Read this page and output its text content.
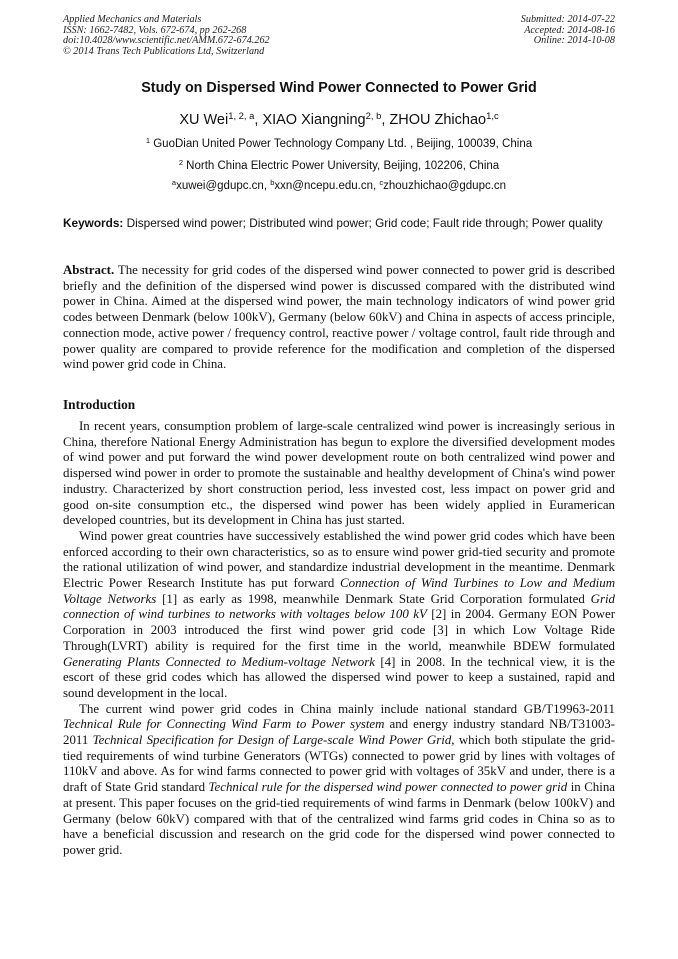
Applied Mechanics and Materials
ISSN: 1662-7482, Vols. 672-674, pp 262-268
doi:10.4028/www.scientific.net/AMM.672-674.262
© 2014 Trans Tech Publications Ltd, Switzerland
Submitted: 2014-07-22
Accepted: 2014-08-16
Online: 2014-10-08
Study on Dispersed Wind Power Connected to Power Grid
XU Wei$^{1, 2, a}$, XIAO Xiangning$^{2, b}$, ZHOU Zhichao$^{1,c}$
$^1$ GuoDian United Power Technology Company Ltd. , Beijing, 100039, China
$^2$ North China Electric Power University, Beijing, 102206, China
$^a$xuwei@gdupc.cn, $^b$xxn@ncepu.edu.cn, $^c$zhouzhichao@gdupc.cn
Keywords: Dispersed wind power; Distributed wind power; Grid code; Fault ride through; Power quality
Abstract. The necessity for grid codes of the dispersed wind power connected to power grid is described briefly and the definition of the dispersed wind power is discussed compared with the distributed wind power in China. Aimed at the dispersed wind power, the main technology indicators of wind power grid codes between Denmark (below 100kV), Germany (below 60kV) and China in aspects of access principle, connection mode, active power / frequency control, reactive power / voltage control, fault ride through and power quality are compared to provide reference for the modification and completion of the dispersed wind power grid code in China.
Introduction

In recent years, consumption problem of large-scale centralized wind power is increasingly serious in China, therefore National Energy Administration has begun to explore the diversified development modes of wind power and put forward the wind power development route on both centralized wind power and dispersed wind power in order to promote the sustainable and healthy development of China's wind power industry. Characterized by short construction period, less invested cost, less impact on power grid and good on-site consumption etc., the dispersed wind power has been widely applied in Euramerican developed countries, but its development in China has just started.

Wind power great countries have successively established the wind power grid codes which have been enforced according to their own characteristics, so as to ensure wind power grid-tied security and promote the rational utilization of wind power, and standardize industrial development in the meantime. Denmark Electric Power Research Institute has put forward Connection of Wind Turbines to Low and Medium Voltage Networks [1] as early as 1998, meanwhile Denmark State Grid Corporation formulated Grid connection of wind turbines to networks with voltages below 100 kV [2] in 2004. Germany EON Power Corporation in 2003 introduced the first wind power grid code [3] in which Low Voltage Ride Through(LVRT) ability is required for the first time in the world, meanwhile BDEW formulated Generating Plants Connected to Medium-voltage Network [4] in 2008. In the technical view, it is the escort of these grid codes which has allowed the dispersed wind power to keep a sustained, rapid and sound development in the local.

The current wind power grid codes in China mainly include national standard GB/T19963-2011 Technical Rule for Connecting Wind Farm to Power system and energy industry standard NB/T31003-2011 Technical Specification for Design of Large-scale Wind Power Grid, which both stipulate the grid-tied requirements of wind turbine Generators (WTGs) connected to power grid by lines with voltages of 110kV and above. As for wind farms connected to power grid with voltages of 35kV and under, there is a draft of State Grid standard Technical rule for the dispersed wind power connected to power grid in China at present. This paper focuses on the grid-tied requirements of wind farms in Denmark (below 100kV) and Germany (below 60kV) compared with that of the centralized wind farms grid codes in China so as to have a beneficial discussion and research on the grid code for the dispersed wind power connected to power grid.
